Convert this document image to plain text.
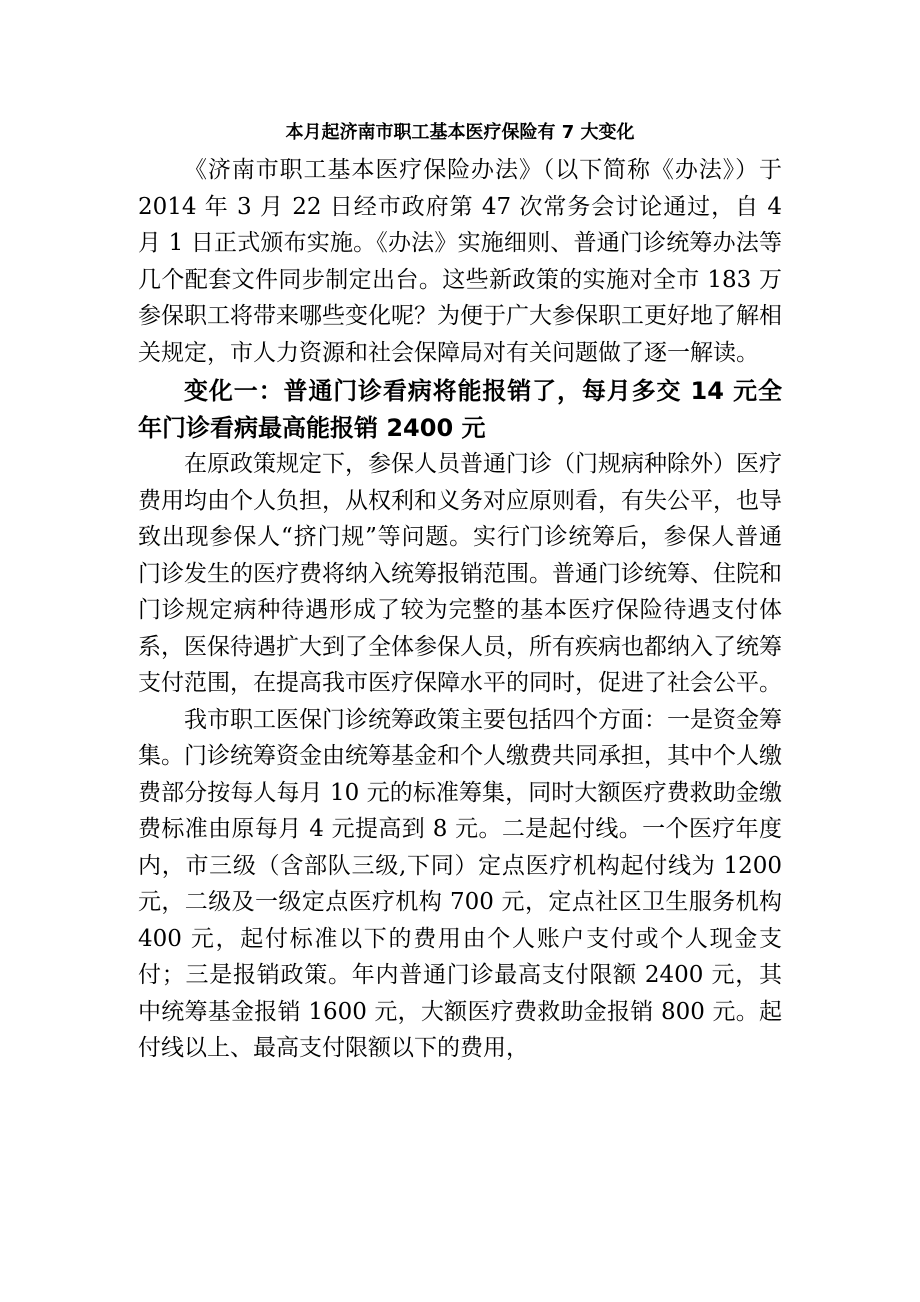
本月起济南市职工基本医疗保险有 7 大变化

《济南市职工基本医疗保险办法》（以下简称《办法》）于 2014 年 3 月 22 日经市政府第 47 次常务会讨论通过，自 4 月 1 日正式颁布实施。《办法》实施细则、普通门诊统筹办法等几个配套文件同步制定出台。这些新政策的实施对全市 183 万参保职工将带来哪些变化呢？为便于广大参保职工更好地了解相关规定，市人力资源和社会保障局对有关问题做了逐一解读。

变化一：普通门诊看病将能报销了，每月多交 14 元全年门诊看病最高能报销 2400 元

在原政策规定下，参保人员普通门诊（门规病种除外）医疗费用均由个人负担，从权利和义务对应原则看，有失公平，也导致出现参保人“挤门规”等问题。实行门诊统筹后，参保人普通门诊发生的医疗费将纳入统筹报销范围。普通门诊统筹、住院和门诊规定病种待遇形成了较为完整的基本医疗保险待遇支付体系，医保待遇扩大到了全体参保人员，所有疾病也都纳入了统筹支付范围，在提高我市医疗保障水平的同时，促进了社会公平。

我市职工医保门诊统筹政策主要包括四个方面：一是资金筹集。门诊统筹资金由统筹基金和个人缴费共同承担，其中个人缴费部分按每人每月 10 元的标准筹集，同时大额医疗费救助金缴费标准由原每月 4 元提高到 8 元。二是起付线。一个医疗年度内，市三级（含部队三级,下同）定点医疗机构起付线为 1200 元，二级及一级定点医疗机构 700 元，定点社区卫生服务机构 400 元，起付标准以下的费用由个人账户支付或个人现金支付；三是报销政策。年内普通门诊最高支付限额 2400 元，其中统筹基金报销 1600 元，大额医疗费救助金报销 800 元。起付线以上、最高支付限额以下的费用，
